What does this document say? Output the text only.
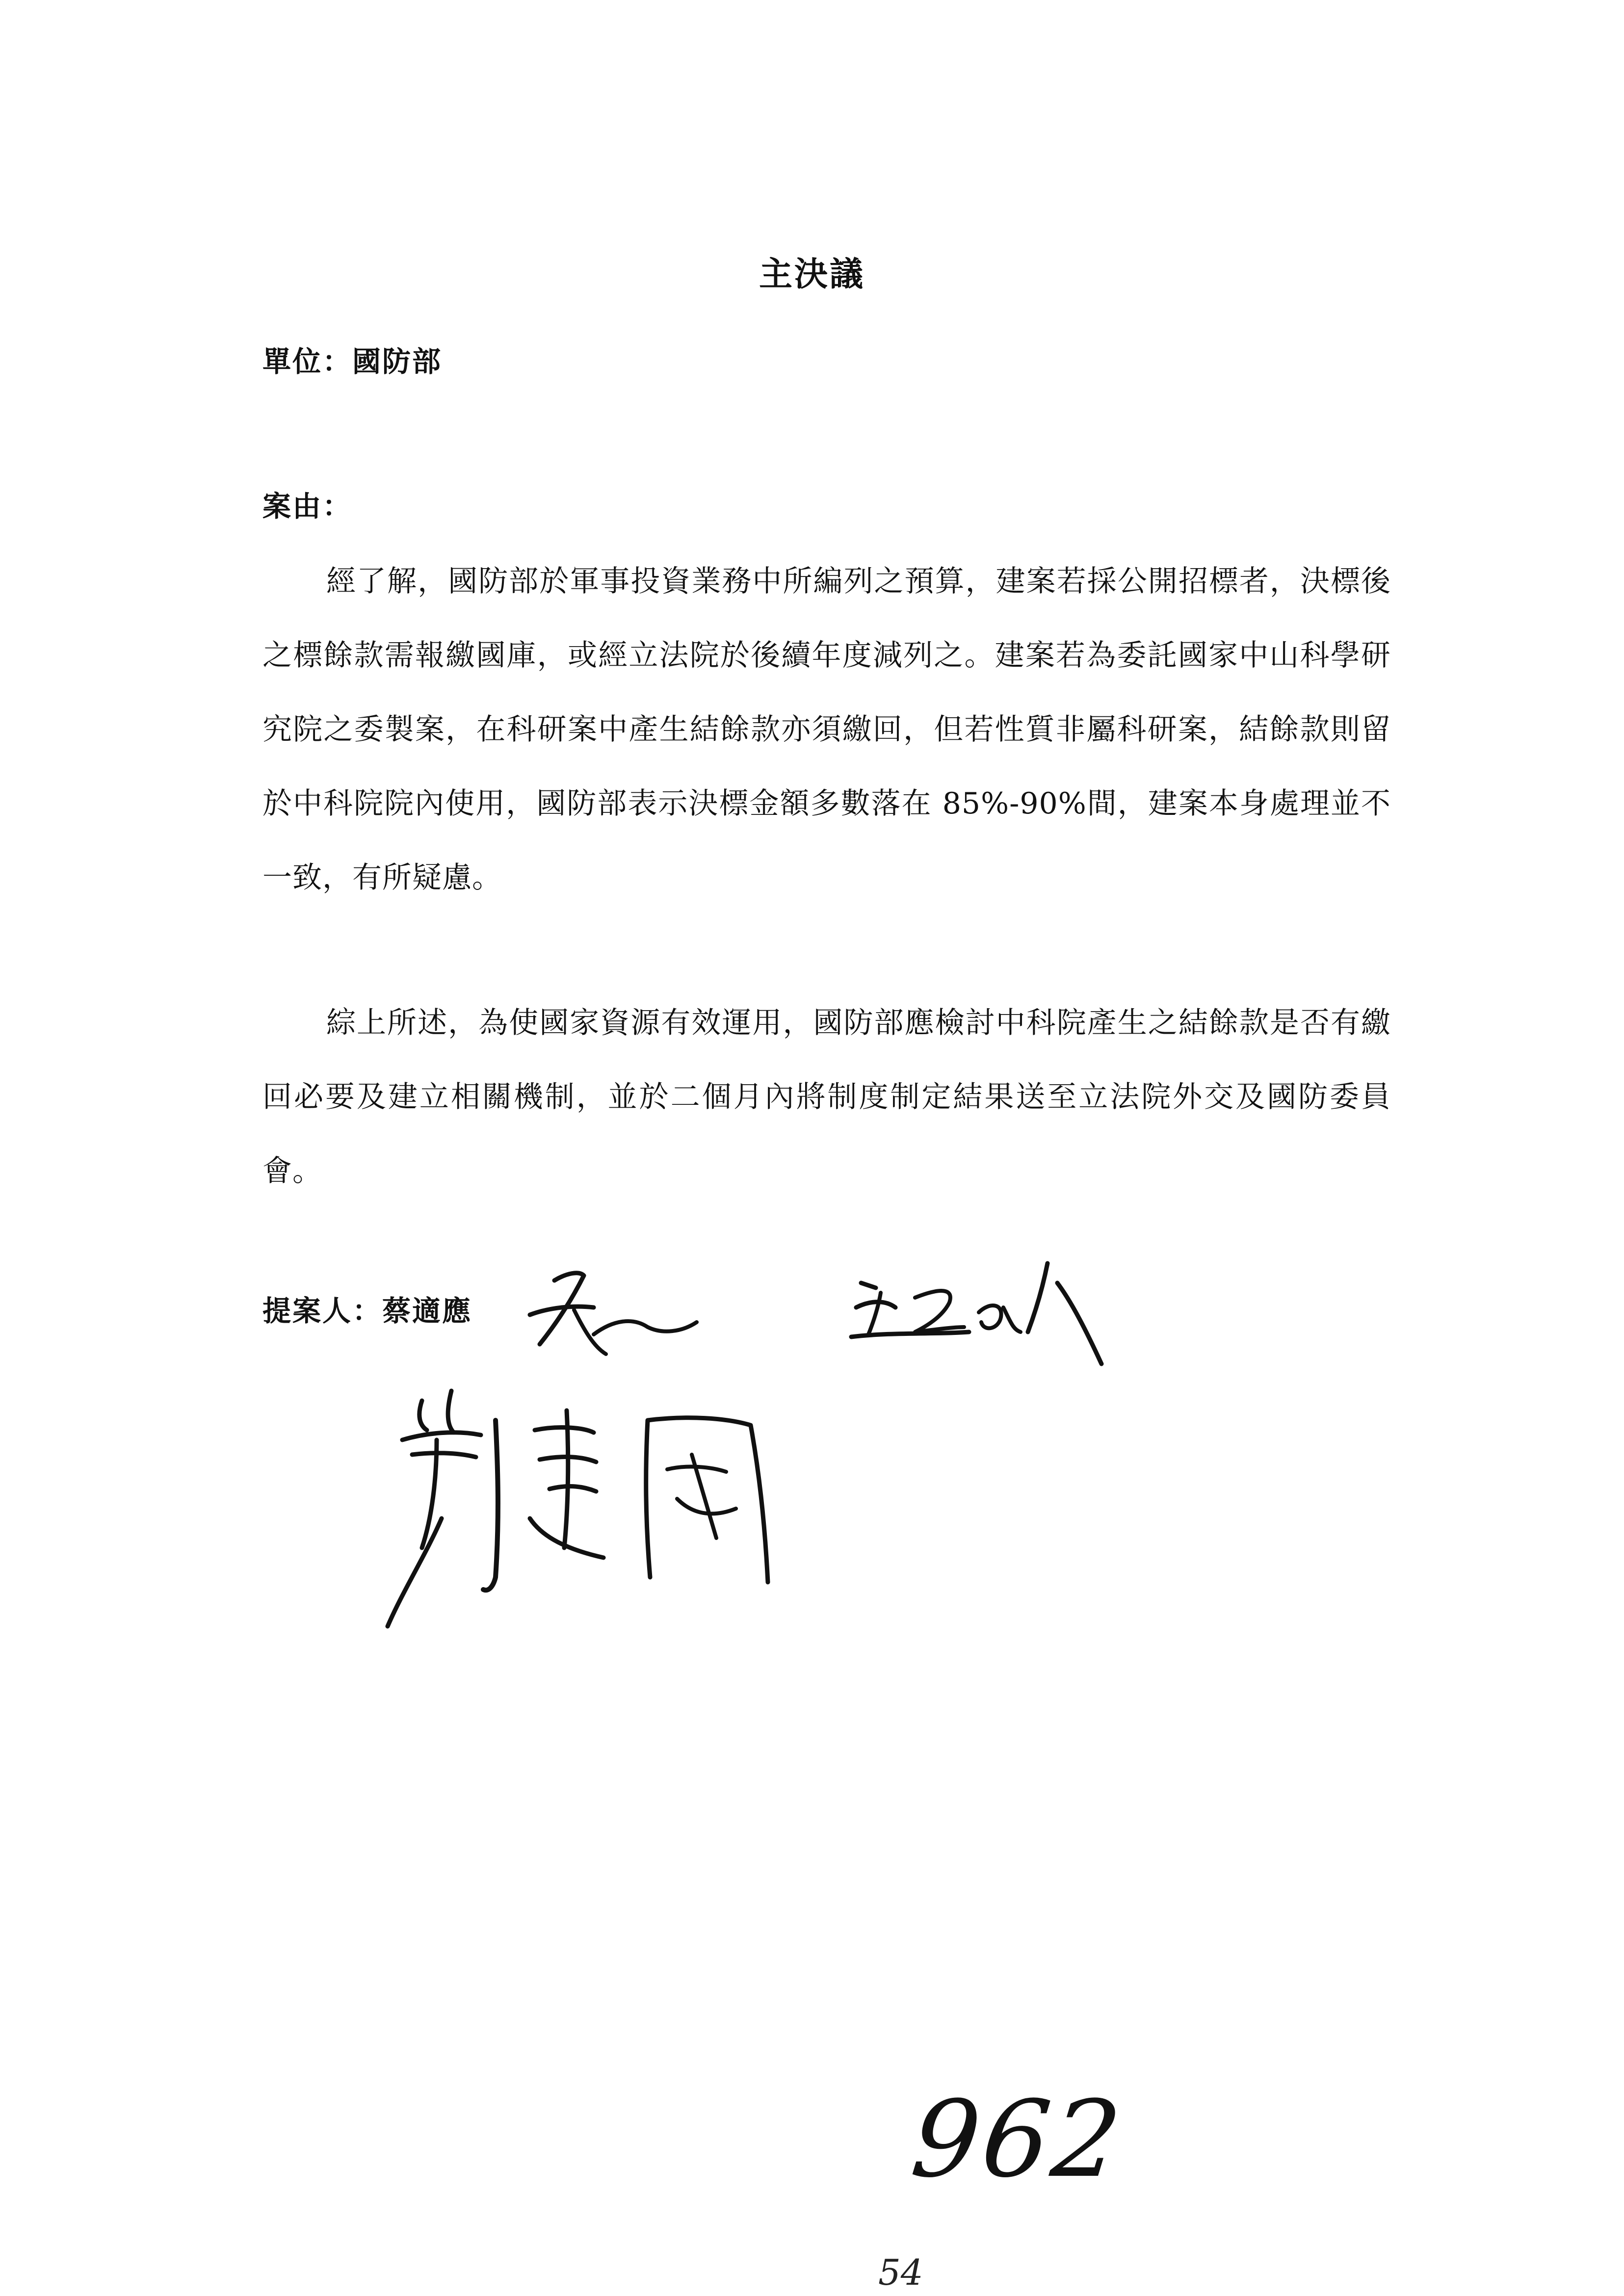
主決議
單位：國防部
案由：
經了解，國防部於軍事投資業務中所編列之預算，建案若採公開招標者，決標後之標餘款需報繳國庫，或經立法院於後續年度減列之。建案若為委託國家中山科學研究院之委製案，在科研案中產生結餘款亦須繳回，但若性質非屬科研案，結餘款則留於中科院院內使用，國防部表示決標金額多數落在 85%-90%間，建案本身處理並不一致，有所疑慮。
綜上所述，為使國家資源有效運用，國防部應檢討中科院產生之結餘款是否有繳回必要及建立相關機制，並於二個月內將制度制定結果送至立法院外交及國防委員會。
提案人：蔡適應
962
54
